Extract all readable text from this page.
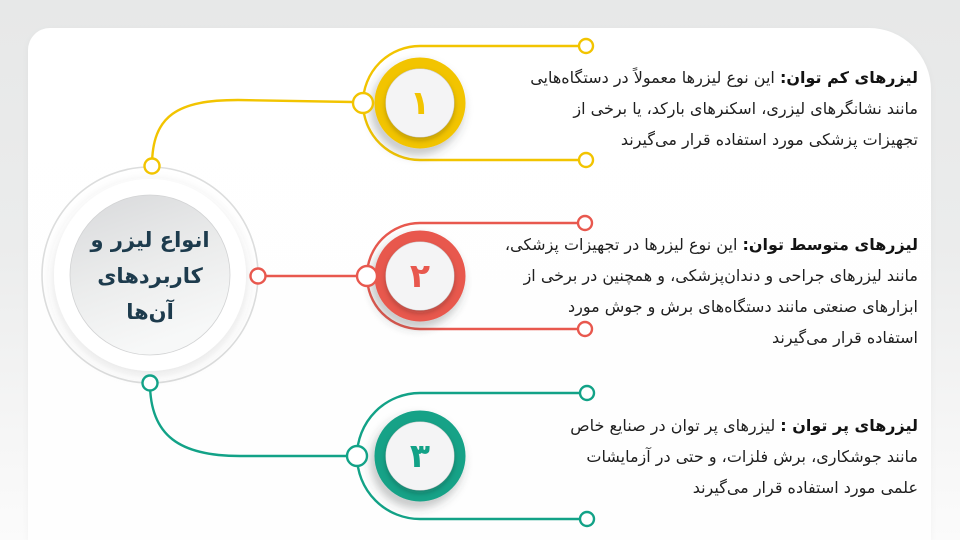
انواع لیزر و
کاربردهای
آن‌ها
۱
۲
۳
لیزرهای کم توان: این نوع لیزرها معمولاً در دستگاه‌هایی
مانند نشانگرهای لیزری، اسکنرهای بارکد، یا برخی از
تجهیزات پزشکی مورد استفاده قرار می‌گیرند
لیزرهای متوسط توان: این نوع لیزرها در تجهیزات پزشکی،
مانند لیزرهای جراحی و دندان‌پزشکی، و همچنین در برخی از
ابزارهای صنعتی مانند دستگاه‌های برش و جوش مورد
استفاده قرار می‌گیرند
لیزرهای پر توان : لیزرهای پر توان در صنایع خاص
مانند جوشکاری، برش فلزات، و حتی در آزمایشات
علمی مورد استفاده قرار می‌گیرند
